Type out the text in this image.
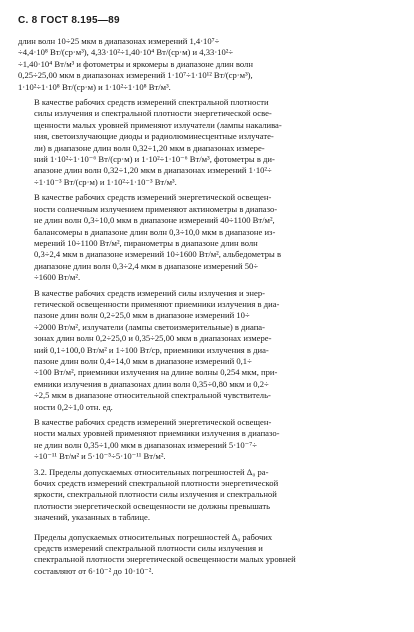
С. 8 ГОСТ 8.195—89
длин волн 10÷25 мкм в диапазонах измерений 1,4·10⁷÷
÷4,4·10⁸ Вт/(ср·м³), 4,33·10²÷1,40·10⁴ Вт/(ср·м) и 4,33·10²÷
÷1,40·10⁴ Вт/м³ и фотометры и яркомеры в диапазоне длин волн
0,25÷25,00 мкм в диапазонах измерений 1·10⁷÷1·10¹² Вт/(ср·м³),
1·10²÷1·10⁸ Вт/(ср·м) и 1·10²÷1·10⁸ Вт/м³.
В качестве рабочих средств измерений спектральной плотности
силы излучения и спектральной плотности энергетической осве-
щенности малых уровней применяют излучатели (лампы накалива-
ния, светоизлучающие диоды и радиолюминесцентные излучате-
ли) в диапазоне длин волн 0,32÷1,20 мкм в диапазонах измере-
ний 1·10²÷1·10⁻⁶ Вт/(ср·м) и 1·10²÷1·10⁻⁶ Вт/м³, фотометры в ди-
апазоне длин волн 0,32÷1,20 мкм в диапазонах измерений 1·10²÷
÷1·10⁻³ Вт/(ср·м) и 1·10²÷1·10⁻³ Вт/м³.
В качестве рабочих средств измерений энергетической освещен-
ности солнечным излучением применяют актинометры в диапазо-
не длин волн 0,3÷10,0 мкм в диапазоне измерений 40÷1100 Вт/м²,
балансомеры в диапазоне длин волн 0,3÷10,0 мкм в диапазоне из-
мерений 10÷1100 Вт/м², пиранометры в диапазоне длин волн
0,3÷2,4 мкм в диапазоне измерений 10÷1600 Вт/м², альбедометры в
диапазоне длин волн 0,3÷2,4 мкм в диапазоне измерений 50÷
÷1600 Вт/м².
В качестве рабочих средств измерений силы излучения и энер-
гетической освещенности применяют приемники излучения в диа-
пазоне длин волн 0,2÷25,0 мкм в диапазоне измерений 10÷
÷2000 Вт/м², излучатели (лампы светоизмерительные) в диапа-
зонах длин волн 0,2÷25,0 и 0,35÷25,00 мкм в диапазонах измере-
ний 0,1÷100,0 Вт/м² и 1÷100 Вт/ср, приемники излучения в диа-
пазоне длин волн 0,4÷14,0 мкм в диапазоне измерений 0,1÷
÷100 Вт/м², приемники излучения на длине волны 0,254 мкм, при-
емники излучения в диапазонах длин волн 0,35÷0,80 мкм и 0,2÷
÷2,5 мкм в диапазоне относительной спектральной чувствитель-
ности 0,2÷1,0 отн. ед.
В качестве рабочих средств измерений энергетической освещен-
ности малых уровней применяют приемники излучения в диапазо-
не длин волн 0,35÷1,00 мкм в диапазонах измерений 5·10⁻⁷÷
÷10⁻¹¹ Вт/м² и 5·10⁻⁵÷5·10⁻¹¹ Вт/м².
3.2. Пределы допускаемых относительных погрешностей Δ₀ ра-
бочих средств измерений спектральной плотности энергетической
яркости, спектральной плотности силы излучения и спектральной
плотности энергетической освещенности не должны превышать
значений, указанных в таблице.
Пределы допускаемых относительных погрешностей Δ₀ рабочих
средств измерений спектральной плотности силы излучения и
спектральной плотности энергетической освещенности малых уровней
составляют от 6·10⁻² до 10·10⁻².
